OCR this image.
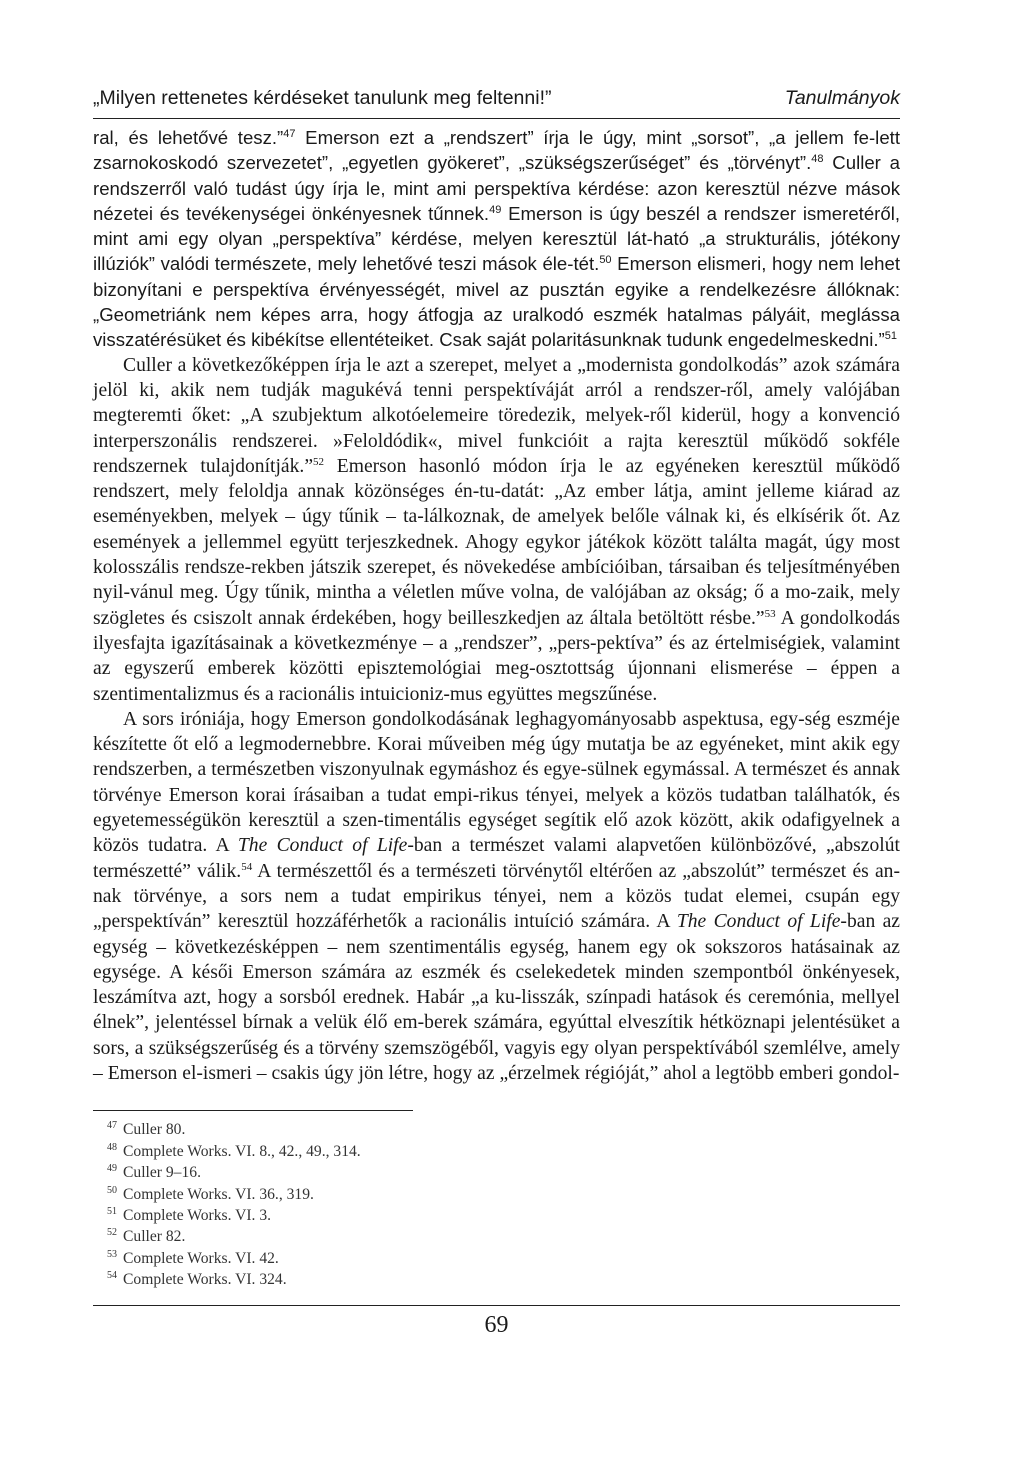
„Milyen rettenetes kérdéseket tanulunk meg feltenni!”	Tanulmányok

ral, és lehetővé tesz.”$^{47}$ Emerson ezt a „rendszert” írja le úgy, mint „sorsot”, „a jellem fe-lett zsarnokoskodó szervezetet”, „egyetlen gyökeret”, „szükségszerűséget” és „törvényt”.$^{48}$ Culler a rendszerről való tudást úgy írja le, mint ami perspektíva kérdése: azon keresztül nézve mások nézetei és tevékenységei önkényesnek tűnnek.$^{49}$ Emerson is úgy beszél a rendszer ismeretéről, mint ami egy olyan „perspektíva” kérdése, melyen keresztül lát-ható „a strukturális, jótékony illúziók” valódi természete, mely lehetővé teszi mások éle-tét.$^{50}$ Emerson elismeri, hogy nem lehet bizonyítani e perspektíva érvényességét, mivel az pusztán egyike a rendelkezésre állóknak: „Geometriánk nem képes arra, hogy átfogja az uralkodó eszmék hatalmas pályáit, meglássa visszatérésüket és kibékítse ellentéteiket. Csak saját polaritásunknak tudunk engedelmeskedni.”$^{51}$

Culler a következőképpen írja le azt a szerepet, melyet a „modernista gondolkodás” azok számára jelöl ki, akik nem tudják magukévá tenni perspektíváját arról a rendszer-ről, amely valójában megteremti őket: „A szubjektum alkotóelemeire töredezik, melyek-ről kiderül, hogy a konvenció interperszonális rendszerei. »Feloldódik«, mivel funkcióit a rajta keresztül működő sokféle rendszernek tulajdonítják.”$^{52}$ Emerson hasonló módon írja le az egyéneken keresztül működő rendszert, mely feloldja annak közönséges én-tu-datát: „Az ember látja, amint jelleme kiárad az eseményekben, melyek – úgy tűnik – ta-lálkoznak, de amelyek belőle válnak ki, és elkísérik őt. Az események a jellemmel együtt terjeszkednek. Ahogy egykor játékok között találta magát, úgy most kolosszális rendsze-rekben játszik szerepet, és növekedése ambícióiban, társaiban és teljesítményében nyil-vánul meg. Úgy tűnik, mintha a véletlen műve volna, de valójában az okság; ő a mo-zaik, mely szögletes és csiszolt annak érdekében, hogy beilleszkedjen az általa betöltött résbe.”$^{53}$ A gondolkodás ilyesfajta igazításainak a következménye – a „rendszer”, „pers-pektíva” és az értelmiségiek, valamint az egyszerű emberek közötti episztemológiai meg-osztottság újonnani elismerése – éppen a szentimentalizmus és a racionális intuicioniz-mus együttes megszűnése.

A sors iróniája, hogy Emerson gondolkodásának leghagyományosabb aspektusa, egy-ség eszméje készítette őt elő a legmodernebbre. Korai műveiben még úgy mutatja be az egyéneket, mint akik egy rendszerben, a természetben viszonyulnak egymáshoz és egye-sülnek egymással. A természet és annak törvénye Emerson korai írásaiban a tudat empi-rikus tényei, melyek a közös tudatban találhatók, és egyetemességükön keresztül a szen-timentális egységet segítik elő azok között, akik odafigyelnek a közös tudatra. A The Conduct of Life-ban a természet valami alapvetően különbözővé, „abszolút természetté” válik.$^{54}$ A természettől és a természeti törvénytől eltérően az „abszolút” természet és an-nak törvénye, a sors nem a tudat empirikus tényei, nem a közös tudat elemei, csupán egy „perspektíván” keresztül hozzáférhetők a racionális intuíció számára. A The Conduct of Life-ban az egység – következésképpen – nem szentimentális egység, hanem egy ok sokszoros hatásainak az egysége. A késői Emerson számára az eszmék és cselekedetek minden szempontból önkényesek, leszámítva azt, hogy a sorsból erednek. Habár „a ku-lisszák, színpadi hatások és ceremónia, mellyel élnek”, jelentéssel bírnak a velük élő em-berek számára, egyúttal elveszítik hétköznapi jelentésüket a sors, a szükségszerűség és a törvény szemszögéből, vagyis egy olyan perspektívából szemlélve, amely – Emerson el-ismeri – csakis úgy jön létre, hogy az „érzelmek régióját,” ahol a legtöbb emberi gondol-

$^{47}$ Culler 80.
$^{48}$ Complete Works. VI. 8., 42., 49., 314.
$^{49}$ Culler 9–16.
$^{50}$ Complete Works. VI. 36., 319.
$^{51}$ Complete Works. VI. 3.
$^{52}$ Culler 82.
$^{53}$ Complete Works. VI. 42.
$^{54}$ Complete Works. VI. 324.
69
